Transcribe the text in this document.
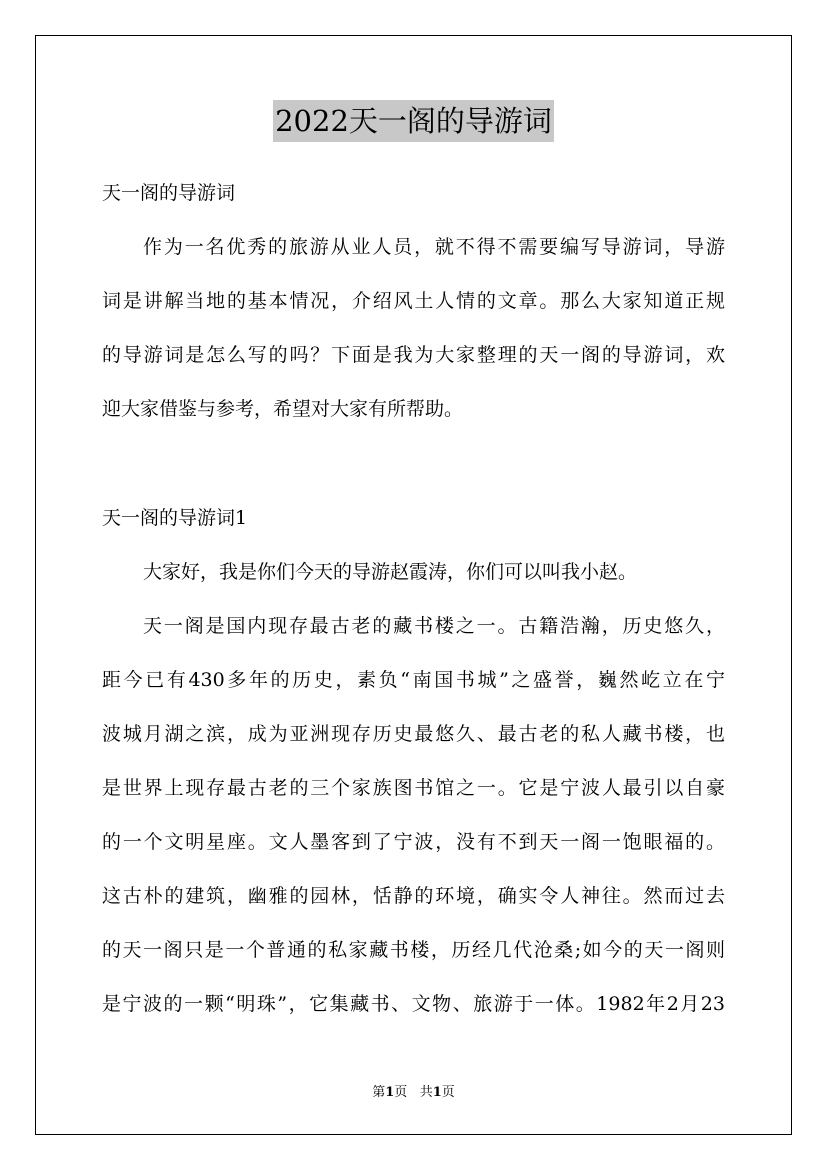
2022天一阁的导游词
天一阁的导游词
作为一名优秀的旅游从业人员，就不得不需要编写导游词，导游
词是讲解当地的基本情况，介绍风土人情的文章。那么大家知道正规
的导游词是怎么写的吗？下面是我为大家整理的天一阁的导游词，欢
迎大家借鉴与参考，希望对大家有所帮助。
天一阁的导游词1
大家好，我是你们今天的导游赵霞涛，你们可以叫我小赵。
天一阁是国内现存最古老的藏书楼之一。古籍浩瀚，历史悠久，
距今已有430多年的历史，素负“南国书城”之盛誉，巍然屹立在宁
波城月湖之滨，成为亚洲现存历史最悠久、最古老的私人藏书楼，也
是世界上现存最古老的三个家族图书馆之一。它是宁波人最引以自豪
的一个文明星座。文人墨客到了宁波，没有不到天一阁一饱眼福的。
这古朴的建筑，幽雅的园林，恬静的环境，确实令人神往。然而过去
的天一阁只是一个普通的私家藏书楼，历经几代沧桑;如今的天一阁则
是宁波的一颗“明珠”，它集藏书、文物、旅游于一体。1982年2月23
第1页 共1页
